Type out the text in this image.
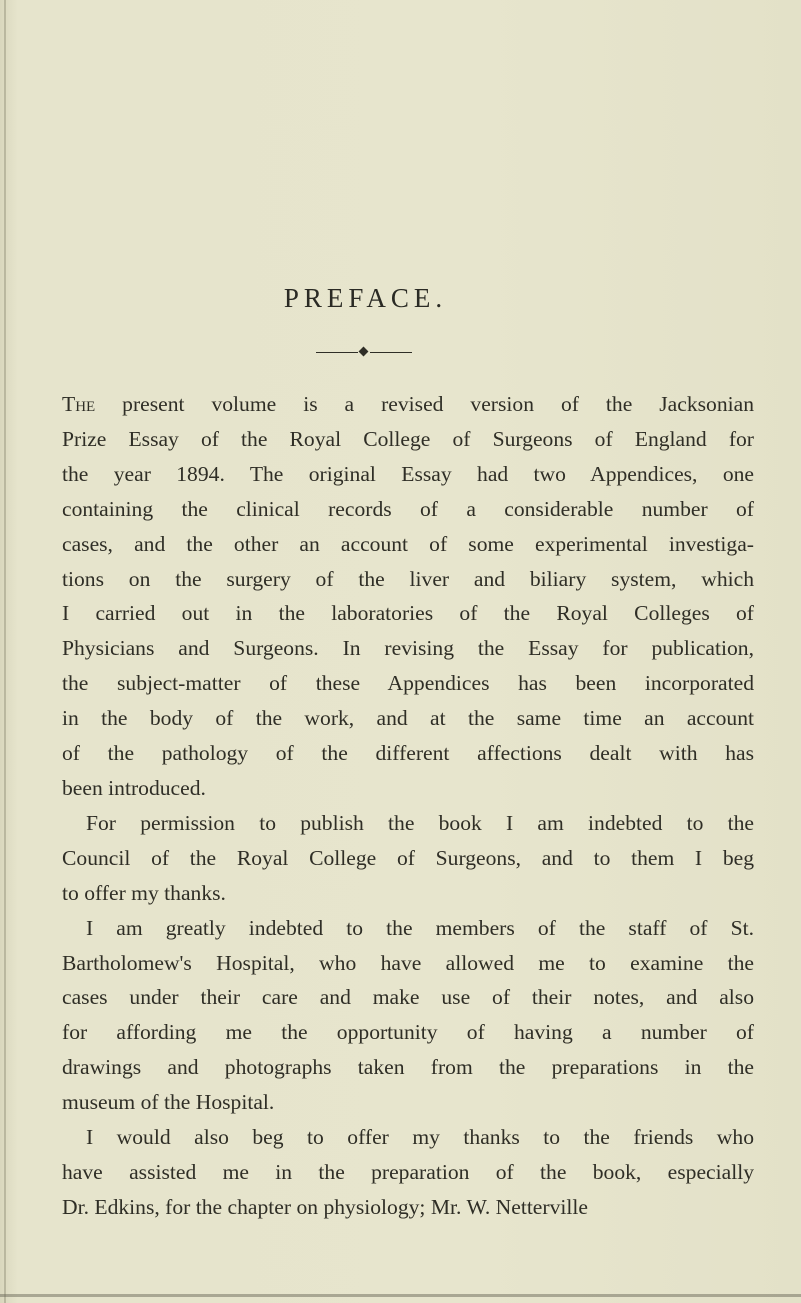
PREFACE.
The present volume is a revised version of the Jacksonian
Prize Essay of the Royal College of Surgeons of England for
the year 1894. The original Essay had two Appendices, one
containing the clinical records of a considerable number of
cases, and the other an account of some experimental investiga-
tions on the surgery of the liver and biliary system, which
I carried out in the laboratories of the Royal Colleges of
Physicians and Surgeons. In revising the Essay for publication,
the subject-matter of these Appendices has been incorporated
in the body of the work, and at the same time an account
of the pathology of the different affections dealt with has
been introduced.
For permission to publish the book I am indebted to the
Council of the Royal College of Surgeons, and to them I beg
to offer my thanks.
I am greatly indebted to the members of the staff of St.
Bartholomew's Hospital, who have allowed me to examine the
cases under their care and make use of their notes, and also
for affording me the opportunity of having a number of
drawings and photographs taken from the preparations in the
museum of the Hospital.
I would also beg to offer my thanks to the friends who
have assisted me in the preparation of the book, especially
Dr. Edkins, for the chapter on physiology; Mr. W. Netterville
